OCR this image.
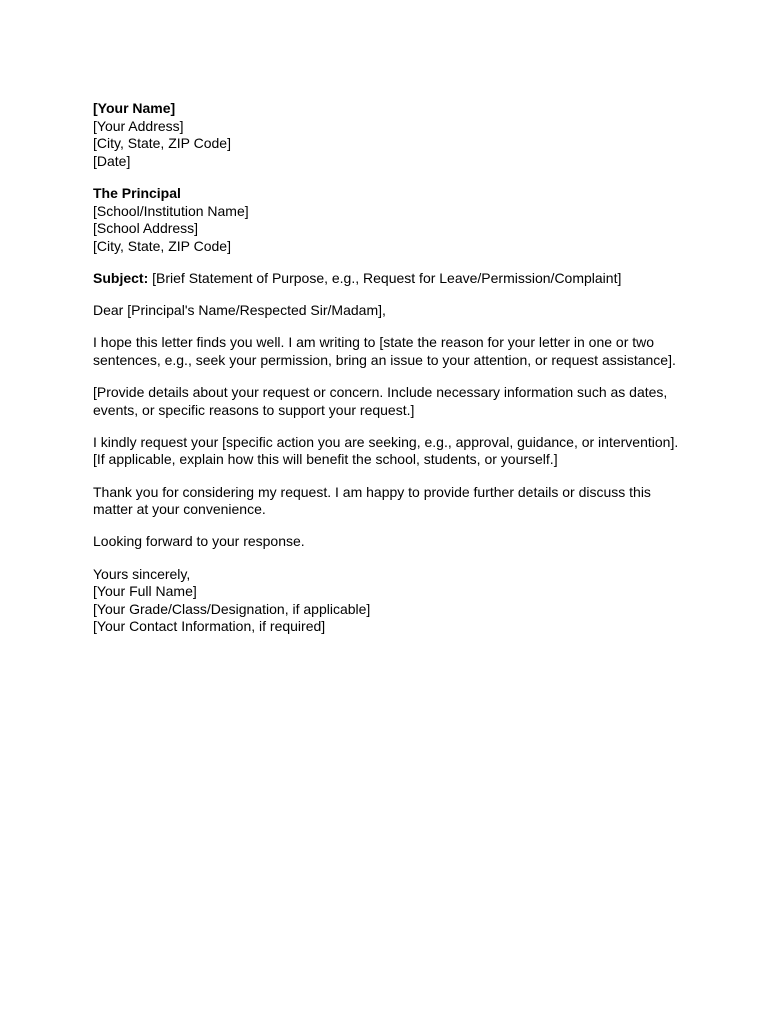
[Your Name]
[Your Address]
[City, State, ZIP Code]
[Date]
The Principal
[School/Institution Name]
[School Address]
[City, State, ZIP Code]

Subject: [Brief Statement of Purpose, e.g., Request for Leave/Permission/Complaint]

Dear [Principal's Name/Respected Sir/Madam],

I hope this letter finds you well. I am writing to [state the reason for your letter in one or two sentences, e.g., seek your permission, bring an issue to your attention, or request assistance].

[Provide details about your request or concern. Include necessary information such as dates, events, or specific reasons to support your request.]

I kindly request your [specific action you are seeking, e.g., approval, guidance, or intervention]. [If applicable, explain how this will benefit the school, students, or yourself.]

Thank you for considering my request. I am happy to provide further details or discuss this matter at your convenience.

Looking forward to your response.

Yours sincerely,
[Your Full Name]
[Your Grade/Class/Designation, if applicable]
[Your Contact Information, if required]
